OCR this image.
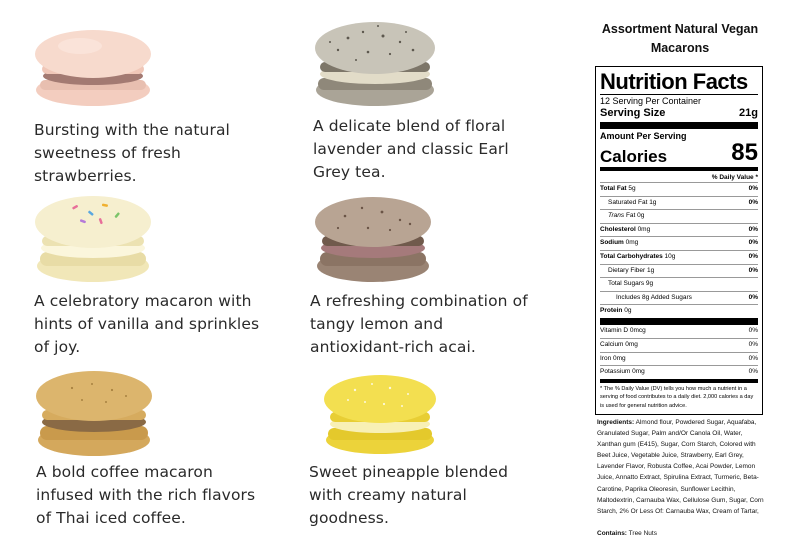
Bursting with the natural
sweetness of fresh
strawberries.
A delicate blend of floral
lavender and classic Earl
Grey tea.
A celebratory macaron with
hints of vanilla and sprinkles
of joy.
A refreshing combination of
tangy lemon and
antioxidant-rich acai.
A bold coffee macaron
infused with the rich flavors
of Thai iced coffee.
Sweet pineapple blended
with creamy natural
goodness.
Assortment Natural Vegan
Macarons
Nutrition Facts
12 Serving Per Container
Serving Size	21g
Amount Per Serving
Calories	85
% Daily Value *
Total Fat 5g	0%
Saturated Fat 1g	0%
Trans Fat 0g
Cholesterol 0mg	0%
Sodium 0mg	0%
Total Carbohydrates 10g	0%
Dietary Fiber 1g	0%
Total Sugars 9g
Includes 8g Added Sugars	0%
Protein 0g
Vitamin D 0mcg	0%
Calcium 0mg	0%
Iron 0mg	0%
Potassium 0mg	0%
* The % Daily Value (DV) tells you how much a nutrient in a serving of food contributes to a daily diet. 2,000 calories a day is used for general nutrition advice.
Ingredients: Almond flour, Powdered Sugar, Aquafaba, Granulated Sugar, Palm and/Or Canola Oil, Water, Xanthan gum (E415), Sugar, Corn Starch, Colored with Beet Juice, Vegetable Juice, Strawberry, Earl Grey, Lavender Flavor, Robusta Coffee, Acai Powder, Lemon Juice, Annatto Extract, Spirulina Extract, Turmeric, Beta-Carotine, Paprika Oleoresin, Sunflower Lecithin, Maltodextrin, Carnauba Wax, Cellulose Gum, Sugar, Corn Starch, 2% Or Less Of: Carnauba Wax, Cream of Tartar,
Contains: Tree Nuts
